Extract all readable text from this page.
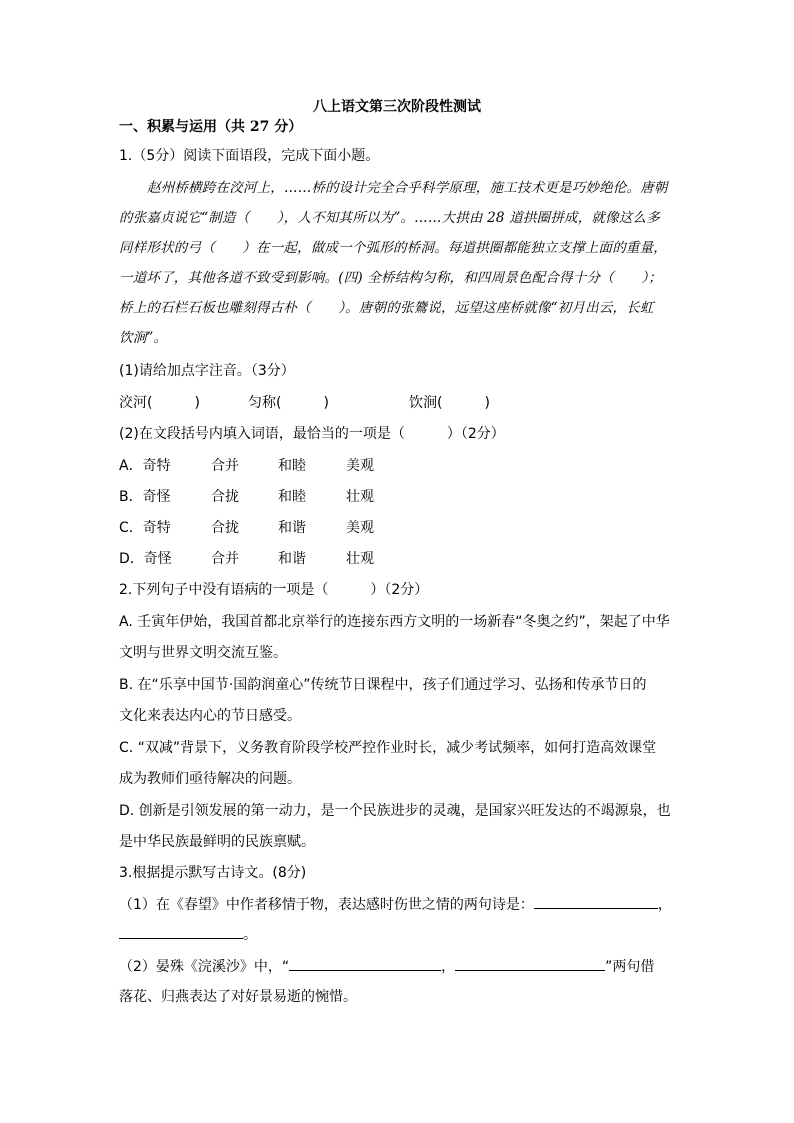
八上语文第三次阶段性测试
一、积累与运用（共 27 分）
1.（5分）阅读下面语段，完成下面小题。
赵州桥横跨在洨河上，……桥的设计完全合乎科学原理，施工技术更是巧妙绝伦。唐朝
的张嘉贞说它“制造（　　），人不知其所以为”。……大拱由 28 道拱圈拼成，就像这么多
同样形状的弓（　　）在一起，做成一个弧形的桥洞。每道拱圈都能独立支撑上面的重量，
一道坏了，其他各道不致受到影响。(四) 全桥结构匀称，和四周景色配合得十分（　　）；
桥上的石栏石板也雕刻得古朴（　　）。唐朝的张鷟说，远望这座桥就像“初月出云，长虹
饮涧”。
(1)请给加点字注音。（3分）
洨河(　　　)	匀称(　　　)	饮涧(　　　)
(2)在文段括号内填入词语，最恰当的一项是（　　　）（2分）
A．奇特	合并	和睦	美观
B．奇怪	合拢	和睦	壮观
C．奇特	合拢	和谐	美观
D．奇怪	合并	和谐	壮观
2.下列句子中没有语病的一项是（　　　）（2分）
A. 壬寅年伊始，我国首都北京举行的连接东西方文明的一场新春“冬奥之约”，架起了中华
文明与世界文明交流互鉴。
B. 在“乐享中国节·国韵润童心”传统节日课程中，孩子们通过学习、弘扬和传承节日的
文化来表达内心的节日感受。
C. “双减”背景下，义务教育阶段学校严控作业时长，减少考试频率，如何打造高效课堂
成为教师们亟待解决的问题。
D. 创新是引领发展的第一动力，是一个民族进步的灵魂，是国家兴旺发达的不竭源泉，也
是中华民族最鲜明的民族禀赋。
3.根据提示默写古诗文。(8分)
（1）在《春望》中作者移情于物，表达感时伤世之情的两句诗是：	，
。
（2）晏殊《浣溪沙》中，“	，	”两句借
落花、归燕表达了对好景易逝的惋惜。
